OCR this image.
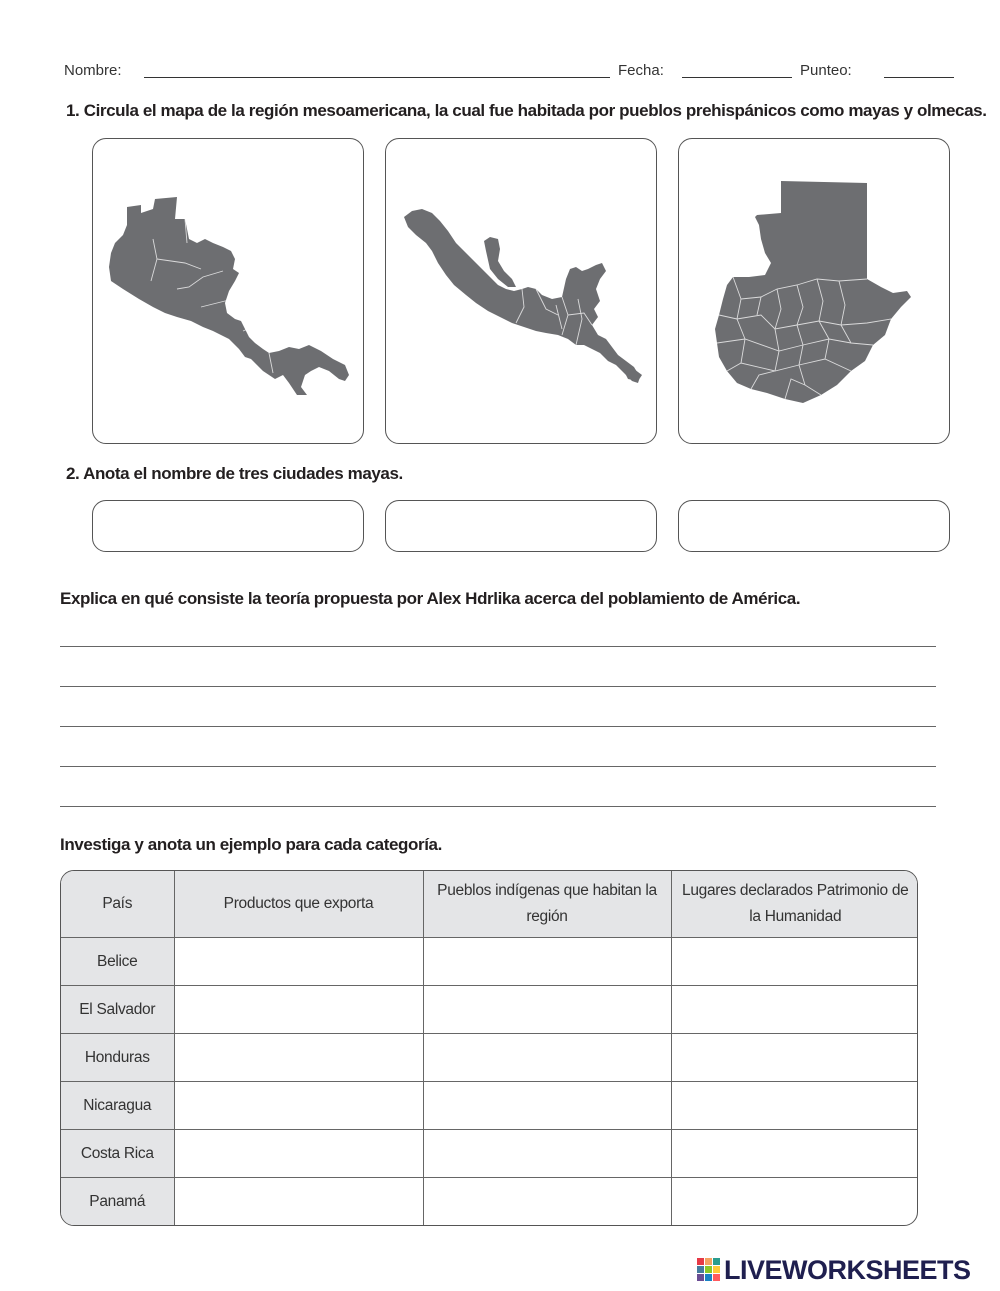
Nombre:	Fecha:	Punteo:
1. Circula el mapa de la región mesoamericana, la cual fue habitada por pueblos prehispánicos como mayas y olmecas.
2. Anota el nombre de tres ciudades mayas.
Explica en qué consiste la teoría propuesta por Alex Hdrlika acerca del poblamiento de América.
Investiga y anota un ejemplo para cada categoría.
País	Productos que exporta	Pueblos indígenas que habitan la región	Lugares declarados Patrimonio de la Humanidad
Belice			
El Salvador			
Honduras			
Nicaragua			
Costa Rica			
Panamá			
LIVEWORKSHEETS
